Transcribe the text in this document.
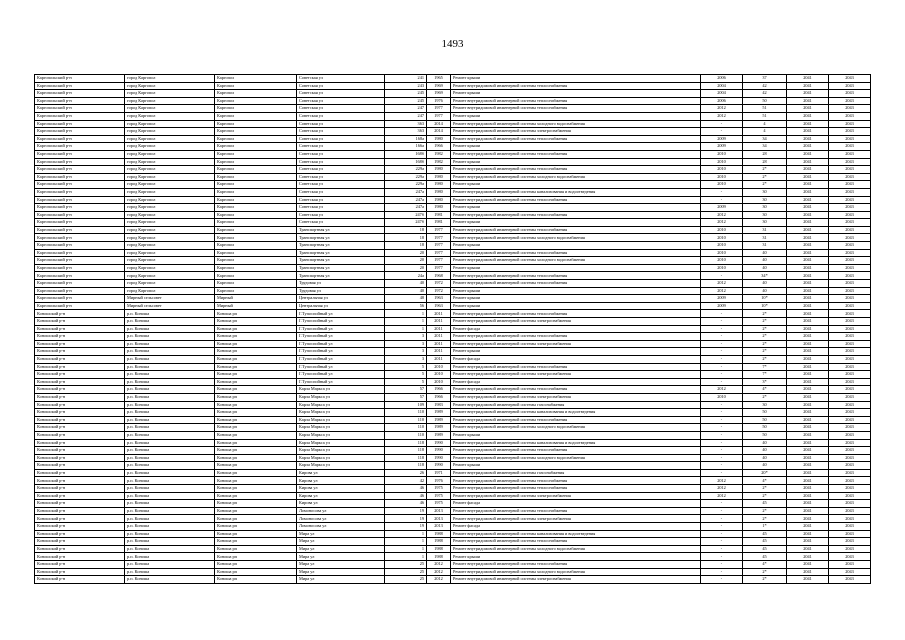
1493
Каргопольский р-н	город Каргопол	Каргопол	Советская ул	241	1965	Ремонт крыши	2006	37	2041	2043
Каргопольский р-н	город Каргопол	Каргопол	Советская ул	243	1969	Ремонт внутридомовой инженерной системы теплоснабжения	2004	42	2041	2043
Каргопольский р-н	город Каргопол	Каргопол	Советская ул	245	1969	Ремонт крыши	2004	42	2041	2043
Каргопольский р-н	город Каргопол	Каргопол	Советская ул	245	1976	Ремонт внутридомовой инженерной системы теплоснабжения	2006	50	2041	2043
Каргопольский р-н	город Каргопол	Каргопол	Советская ул	247	1977	Ремонт внутридомовой инженерной системы теплоснабжения	2012	51	2041	2043
Каргопольский р-н	город Каргопол	Каргопол	Советская ул	247	1977	Ремонт крыши	2012	51	2041	2043
Каргопольский р-н	город Каргопол	Каргопол	Советская ул	363	2014	Ремонт внутридомовой инженерной системы холодного водоснабжения	-	4	2041	2043
Каргопольский р-н	город Каргопол	Каргопол	Советская ул	363	2014	Ремонт внутридомовой инженерной системы электроснабжения	-	4	2041	2043
Каргопольский р-н	город Каргопол	Каргопол	Советская ул	168а	1980	Ремонт внутридомовой инженерной системы теплоснабжения	2009	34	2041	2043
Каргопольский р-н	город Каргопол	Каргопол	Советская ул	166а	1966	Ремонт крыши	2009	34	2041	2043
Каргопольский р-н	город Каргопол	Каргопол	Советская ул	168б	1982	Ремонт внутридомовой инженерной системы теплоснабжения	2010	28	2041	2043
Каргопольский р-н	город Каргопол	Каргопол	Советская ул	168б	1982	Ремонт крыши	2010	28	2041	2043
Каргопольский р-н	город Каргопол	Каргопол	Советская ул	229а	1980	Ремонт внутридомовой инженерной системы теплоснабжения	2010	2*	2041	2043
Каргопольский р-н	город Каргопол	Каргопол	Советская ул	229а	1980	Ремонт внутридомовой инженерной системы холодного водоснабжения	2010	2*	2041	2043
Каргопольский р-н	город Каргопол	Каргопол	Советская ул	229а	1980	Ремонт крыши	2010	2*	2041	2043
Каргопольский р-н	город Каргопол	Каргопол	Советская ул	247а	1980	Ремонт внутридомовой инженерной системы канализования и водоотведения	-	30	2041	2043
Каргопольский р-н	город Каргопол	Каргопол	Советская ул	247а	1980	Ремонт внутридомовой инженерной системы теплоснабжения	-	30	2041	2043
Каргопольский р-н	город Каргопол	Каргопол	Советская ул	247а	1980	Ремонт крыши	2009	30	2041	2043
Каргопольский р-н	город Каргопол	Каргопол	Советская ул	247б	1981	Ремонт внутридомовой инженерной системы теплоснабжения	2012	30	2041	2043
Каргопольский р-н	город Каргопол	Каргопол	Советская ул	247б	1981	Ремонт крыши	2012	30	2041	2043
Каргопольский р-н	город Каргопол	Каргопол	Транспортная ул	18	1977	Ремонт внутридомовой инженерной системы теплоснабжения	2010	31	2041	2043
Каргопольский р-н	город Каргопол	Каргопол	Транспортная ул	18	1977	Ремонт внутридомовой инженерной системы холодного водоснабжения	2010	31	2041	2043
Каргопольский р-н	город Каргопол	Каргопол	Транспортная ул	18	1977	Ремонт крыши	2010	31	2041	2043
Каргопольский р-н	город Каргопол	Каргопол	Транспортная ул	20	1977	Ремонт внутридомовой инженерной системы теплоснабжения	2010	40	2041	2043
Каргопольский р-н	город Каргопол	Каргопол	Транспортная ул	20	1977	Ремонт внутридомовой инженерной системы холодного водоснабжения	2010	40	2041	2043
Каргопольский р-н	город Каргопол	Каргопол	Транспортная ул	20	1977	Ремонт крыши	2010	40	2041	2043
Каргопольский р-н	город Каргопол	Каргопол	Транспортная ул	24а	1968	Ремонт внутридомовой инженерной системы теплоснабжения	-	34*	2041	2043
Каргопольский р-н	город Каргопол	Каргопол	Трудовая ул	40	1972	Ремонт внутридомовой инженерной системы теплоснабжения	2012	40	2041	2043
Каргопольский р-н	город Каргопол	Каргопол	Трудовая ул	40	1972	Ремонт крыши	2012	40	2041	2043
Каргопольский р-н	Мирный сельсовет	Мирный	Центральная ул	48	1963	Ремонт крыши	2009	10*	2041	2043
Каргопольский р-н	Мирный сельсовет	Мирный	Центральная ул	56	1963	Ремонт крыши	2009	10*	2041	2043
Коношский р-н	р.п. Коноша	Коноша рп	Г.Тупоспойный ул	1	2011	Ремонт внутридомовой инженерной системы теплоснабжения	-	2*	2041	2043
Коношский р-н	р.п. Коноша	Коноша рп	Г.Тупоспойный ул	1	2011	Ремонт внутридомовой инженерной системы электроснабжения	-	2*	2041	2043
Коношский р-н	р.п. Коноша	Коноша рп	Г.Тупоспойный ул	1	2011	Ремонт фасада	-	2*	2041	2043
Коношский р-н	р.п. Коноша	Коноша рп	Г.Тупоспойный ул	3	2011	Ремонт внутридомовой инженерной системы теплоснабжения	-	2*	2041	2043
Коношский р-н	р.п. Коноша	Коноша рп	Г.Тупоспойный ул	3	2011	Ремонт внутридомовой инженерной системы электроснабжения	-	2*	2041	2043
Коношский р-н	р.п. Коноша	Коноша рп	Г.Тупоспойный ул	3	2011	Ремонт крыши	-	2*	2041	2043
Коношский р-н	р.п. Коноша	Коноша рп	Г.Тупоспойный ул	3	2011	Ремонт фасада	-	2*	2041	2043
Коношский р-н	р.п. Коноша	Коноша рп	Г.Тупоспойный ул	5	2010	Ремонт внутридомовой инженерной системы теплоснабжения	-	7*	2041	2043
Коношский р-н	р.п. Коноша	Коноша рп	Г.Тупоспойный ул	5	2010	Ремонт внутридомовой инженерной системы электроснабжения	-	7*	2041	2043
Коношский р-н	р.п. Коноша	Коноша рп	Г.Тупоспойный ул	5	2010	Ремонт фасада	-	3*	2041	2043
Коношский р-н	р.п. Коноша	Коноша рп	Карла Маркса ул	57	1966	Ремонт внутридомовой инженерной системы теплоснабжения	2012	4*	2041	2043
Коношский р-н	р.п. Коноша	Коноша рп	Карла Маркса ул	57	1966	Ремонт внутридомовой инженерной системы электроснабжения	2010	2*	2041	2043
Коношский р-н	р.п. Коноша	Коноша рп	Карла Маркса ул	109	1983	Ремонт внутридомовой инженерной системы газоснабжения	-	30	2041	2043
Коношский р-н	р.п. Коноша	Коноша рп	Карла Маркса ул	110	1989	Ремонт внутридомовой инженерной системы канализования и водоотведения	-	50	2041	2043
Коношский р-н	р.п. Коноша	Коноша рп	Карла Маркса ул	110	1989	Ремонт внутридомовой инженерной системы теплоснабжения	-	50	2041	2043
Коношский р-н	р.п. Коноша	Коноша рп	Карла Маркса ул	110	1989	Ремонт внутридомовой инженерной системы холодного водоснабжения	-	50	2041	2043
Коношский р-н	р.п. Коноша	Коноша рп	Карла Маркса ул	110	1989	Ремонт крыши	-	50	2041	2043
Коношский р-н	р.п. Коноша	Коноша рп	Карла Маркса ул	118	1990	Ремонт внутридомовой инженерной системы канализования и водоотведения	-	40	2041	2043
Коношский р-н	р.п. Коноша	Коноша рп	Карла Маркса ул	118	1990	Ремонт внутридомовой инженерной системы теплоснабжения	-	40	2041	2043
Коношский р-н	р.п. Коноша	Коноша рп	Карла Маркса ул	118	1990	Ремонт внутридомовой инженерной системы холодного водоснабжения	-	40	2041	2043
Коношский р-н	р.п. Коноша	Коноша рп	Карла Маркса ул	118	1990	Ремонт крыши	-	40	2041	2043
Коношский р-н	р.п. Коноша	Коноша рп	Кирова ул	26	1971	Ремонт внутридомовой инженерной системы газоснабжения	-	20*	2041	2043
Коношский р-н	р.п. Коноша	Коноша рп	Кирова ул	42	1976	Ремонт внутридомовой инженерной системы теплоснабжения	2012	4*	2041	2043
Коношский р-н	р.п. Коноша	Коноша рп	Кирова ул	46	1975	Ремонт внутридомовой инженерной системы теплоснабжения	2012	2*	2041	2043
Коношский р-н	р.п. Коноша	Коноша рп	Кирова ул	46	1975	Ремонт внутридомовой инженерной системы электроснабжения	2012	2*	2041	2043
Коношский р-н	р.п. Коноша	Коноша рп	Кирова ул	46	1975	Ремонт фасада	-	45	2041	2043
Коношский р-н	р.п. Коноша	Коноша рп	Ломоносова ул	19	2013	Ремонт внутридомовой инженерной системы теплоснабжения	-	2*	2041	2043
Коношский р-н	р.п. Коноша	Коноша рп	Ломоносова ул	19	2013	Ремонт внутридомовой инженерной системы электроснабжения	-	2*	2041	2043
Коношский р-н	р.п. Коноша	Коноша рп	Ломоносова ул	19	2013	Ремонт фасада	-	1*	2041	2043
Коношский р-н	р.п. Коноша	Коноша рп	Мира ул	1	1988	Ремонт внутридомовой инженерной системы канализования и водоотведения	-	45	2041	2043
Коношский р-н	р.п. Коноша	Коноша рп	Мира ул	1	1988	Ремонт внутридомовой инженерной системы теплоснабжения	-	45	2041	2043
Коношский р-н	р.п. Коноша	Коноша рп	Мира ул	1	1988	Ремонт внутридомовой инженерной системы холодного водоснабжения	-	45	2041	2043
Коношский р-н	р.п. Коноша	Коноша рп	Мира ул	1	1988	Ремонт крыши	-	45	2041	2043
Коношский р-н	р.п. Коноша	Коноша рп	Мира ул	25	2012	Ремонт внутридомовой инженерной системы теплоснабжения	-	4*	2041	2043
Коношский р-н	р.п. Коноша	Коноша рп	Мира ул	25	2012	Ремонт внутридомовой инженерной системы холодного водоснабжения	-	2*	2041	2043
Коношский р-н	р.п. Коноша	Коноша рп	Мира ул	25	2012	Ремонт внутридомовой инженерной системы электроснабжения	-	2*	2041	2043
